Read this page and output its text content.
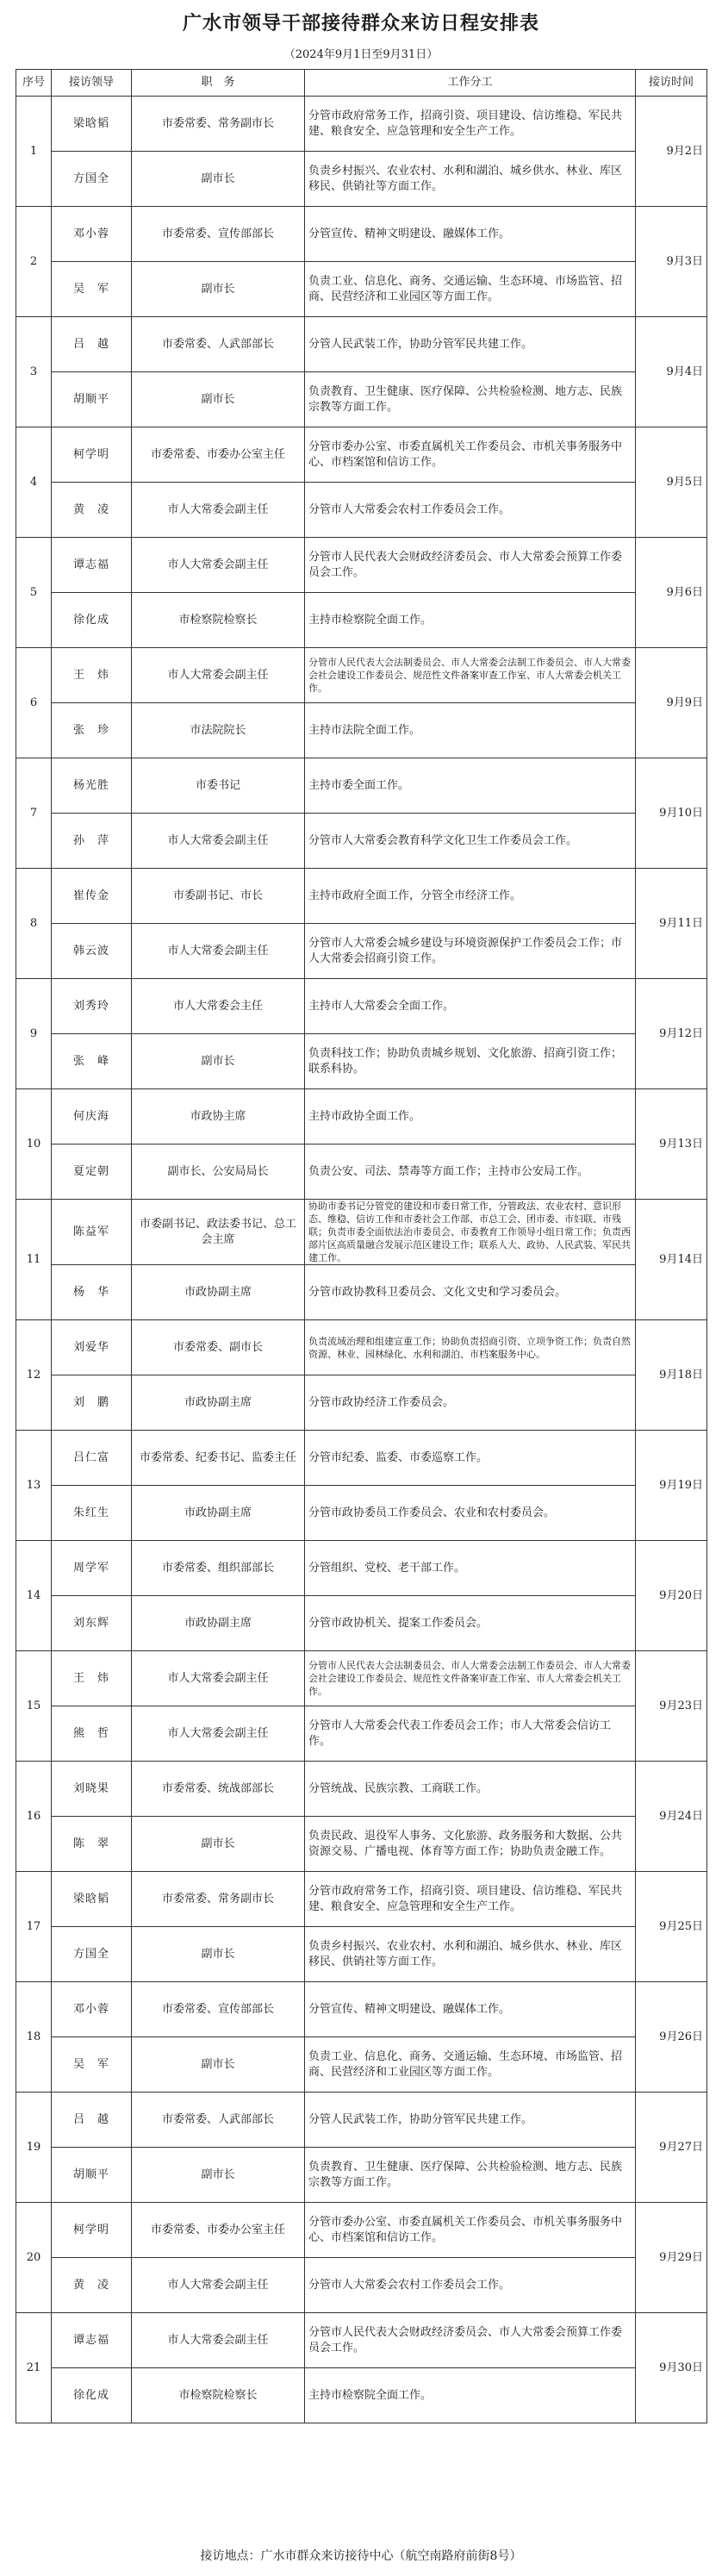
广水市领导干部接待群众来访日程安排表
（2024年9月1日至9月31日）
序号	接访领导	职　务	工作分工	接访时间
1	梁晗韬	市委常委、常务副市长	分管市政府常务工作，招商引资、项目建设、信访维稳、军民共建、粮食安全、应急管理和安全生产工作。	9月2日
	方国全	副市长	负责乡村振兴、农业农村、水利和湖泊、城乡供水、林业、库区移民、供销社等方面工作。	
2	邓小蓉	市委常委、宣传部部长	分管宣传、精神文明建设、融媒体工作。	9月3日
	吴　军	副市长	负责工业、信息化、商务、交通运输、生态环境、市场监管、招商、民营经济和工业园区等方面工作。	
3	吕　越	市委常委、人武部部长	分管人民武装工作，协助分管军民共建工作。	9月4日
	胡顺平	副市长	负责教育、卫生健康、医疗保障、公共检验检测、地方志、民族宗教等方面工作。	
4	柯学明	市委常委、市委办公室主任	分管市委办公室、市委直属机关工作委员会、市机关事务服务中心、市档案馆和信访工作。	9月5日
	黄　凌	市人大常委会副主任	分管市人大常委会农村工作委员会工作。	
5	谭志福	市人大常委会副主任	分管市人民代表大会财政经济委员会、市人大常委会预算工作委员会工作。	9月6日
	徐化成	市检察院检察长	主持市检察院全面工作。	
6	王　炜	市人大常委会副主任	分管市人民代表大会法制委员会、市人大常委会法制工作委员会、市人大常委会社会建设工作委员会、规范性文件备案审查工作室、市人大常委会机关工作。	9月9日
	张　珍	市法院院长	主持市法院全面工作。	
7	杨光胜	市委书记	主持市委全面工作。	9月10日
	孙　萍	市人大常委会副主任	分管市人大常委会教育科学文化卫生工作委员会工作。	
8	崔传金	市委副书记、市长	主持市政府全面工作，分管全市经济工作。	9月11日
	韩云波	市人大常委会副主任	分管市人大常委会城乡建设与环境资源保护工作委员会工作；市人大常委会招商引资工作。	
9	刘秀玲	市人大常委会主任	主持市人大常委会全面工作。	9月12日
	张　峰	副市长	负责科技工作；协助负责城乡规划、文化旅游、招商引资工作；联系科协。	
10	何庆海	市政协主席	主持市政协全面工作。	9月13日
	夏定朝	副市长、公安局局长	负责公安、司法、禁毒等方面工作；主持市公安局工作。	
11	陈益军	市委副书记、政法委书记、总工会主席	协助市委书记分管党的建设和市委日常工作，分管政法、农业农村、意识形态、维稳、信访工作和市委社会工作部、市总工会、团市委、市妇联、市残联；负责市委全面依法治市委员会、市委教育工作领导小组日常工作；负责西部片区高质量融合发展示范区建设工作；联系人大、政协、人民武装、军民共建工作。	9月14日
	杨　华	市政协副主席	分管市政协教科卫委员会、文化文史和学习委员会。	
12	刘爱华	市委常委、副市长	负责流域治理和组建宣重工作；协助负责招商引资、立项争资工作；负责自然资源、林业、园林绿化、水利和湖泊、市档案服务中心。	9月18日
	刘　鹏	市政协副主席	分管市政协经济工作委员会。	
13	吕仁富	市委常委、纪委书记、监委主任	分管市纪委、监委、市委巡察工作。	9月19日
	朱红生	市政协副主席	分管市政协委员工作委员会、农业和农村委员会。	
14	周学军	市委常委、组织部部长	分管组织、党校、老干部工作。	9月20日
	刘东辉	市政协副主席	分管市政协机关、提案工作委员会。	
15	王　炜	市人大常委会副主任	分管市人民代表大会法制委员会、市人大常委会法制工作委员会、市人大常委会社会建设工作委员会、规范性文件备案审查工作室、市人大常委会机关工作。	9月23日
	熊　哲	市人大常委会副主任	分管市人大常委会代表工作委员会工作；市人大常委会信访工作。	
16	刘晓果	市委常委、统战部部长	分管统战、民族宗教、工商联工作。	9月24日
	陈　翠	副市长	负责民政、退役军人事务、文化旅游、政务服务和大数据、公共资源交易、广播电视、体育等方面工作；协助负责金融工作。	
17	梁晗韬	市委常委、常务副市长	分管市政府常务工作，招商引资、项目建设、信访维稳、军民共建、粮食安全、应急管理和安全生产工作。	9月25日
	方国全	副市长	负责乡村振兴、农业农村、水利和湖泊、城乡供水、林业、库区移民、供销社等方面工作。	
18	邓小蓉	市委常委、宣传部部长	分管宣传、精神文明建设、融媒体工作。	9月26日
	吴　军	副市长	负责工业、信息化、商务、交通运输、生态环境、市场监管、招商、民营经济和工业园区等方面工作。	
19	吕　越	市委常委、人武部部长	分管人民武装工作，协助分管军民共建工作。	9月27日
	胡顺平	副市长	负责教育、卫生健康、医疗保障、公共检验检测、地方志、民族宗教等方面工作。	
20	柯学明	市委常委、市委办公室主任	分管市委办公室、市委直属机关工作委员会、市机关事务服务中心、市档案馆和信访工作。	9月29日
	黄　凌	市人大常委会副主任	分管市人大常委会农村工作委员会工作。	
21	谭志福	市人大常委会副主任	分管市人民代表大会财政经济委员会、市人大常委会预算工作委员会工作。	9月30日
	徐化成	市检察院检察长	主持市检察院全面工作。	
接访地点：广水市群众来访接待中心（航空南路府前街8号）
